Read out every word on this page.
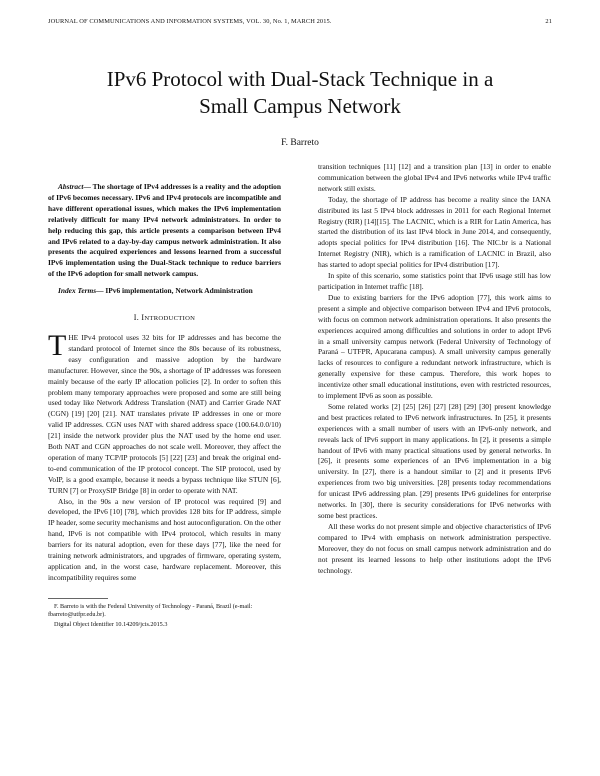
JOURNAL OF COMMUNICATIONS AND INFORMATION SYSTEMS, VOL. 30, No. 1, MARCH 2015.	21
IPv6 Protocol with Dual-Stack Technique in a
Small Campus Network
F. Barreto

Abstract— The shortage of IPv4 addresses is a reality and the adoption of IPv6 becomes necessary. IPv6 and IPv4 protocols are incompatible and have different operational issues, which makes the IPv6 implementation relatively difficult for many IPv4 network administrators. In order to help reducing this gap, this article presents a comparison between IPv4 and IPv6 related to a day-by-day campus network administration. It also presents the acquired experiences and lessons learned from a successful IPv6 implementation using the Dual-Stack technique to reduce barriers of the IPv6 adoption for small network campus.

Index Terms— IPv6 implementation, Network Administration

I. INTRODUCTION

THE IPv4 protocol uses 32 bits for IP addresses and has become the standard protocol of Internet since the 80s because of its robustness, easy configuration and massive adoption by the hardware manufacturer. However, since the 90s, a shortage of IP addresses was foreseen mainly because of the early IP allocation policies [2]. In order to soften this problem many temporary approaches were proposed and some are still being used today like Network Address Translation (NAT) and Carrier Grade NAT (CGN) [19] [20] [21]. NAT translates private IP addresses in one or more valid IP addresses. CGN uses NAT with shared address space (100.64.0.0/10) [21] inside the network provider plus the NAT used by the home end user. Both NAT and CGN approaches do not scale well. Moreover, they affect the operation of many TCP/IP protocols [5] [22] [23] and break the original end-to-end communication of the IP protocol concept. The SIP protocol, used by VoIP, is a good example, because it needs a bypass technique like STUN [6], TURN [7] or ProxySIP Bridge [8] in order to operate with NAT.

Also, in the 90s a new version of IP protocol was required [9] and developed, the IPv6 [10] [78], which provides 128 bits for IP address, simple IP header, some security mechanisms and host autoconfiguration. On the other hand, IPv6 is not compatible with IPv4 protocol, which results in many barriers for its natural adoption, even for these days [77], like the need for training network administrators, and upgrades of firmware, operating system, application and, in the worst case, hardware replacement. Moreover, this incompatibility requires some

F. Barreto is with the Federal University of Technology - Paraná, Brazil (e-mail: fbarreto@utfpr.edu.br).

Digital Object Identifier 10.14209/jcis.2015.3

transition techniques [11] [12] and a transition plan [13] in order to enable communication between the global IPv4 and IPv6 networks while IPv4 traffic network still exists.

Today, the shortage of IP address has become a reality since the IANA distributed its last 5 IPv4 block addresses in 2011 for each Regional Internet Registry (RIR) [14][15]. The LACNIC, which is a RIR for Latin America, has started the distribution of its last IPv4 block in June 2014, and consequently, adopts special politics for IPv4 distribution [16]. The NIC.br is a National Internet Registry (NIR), which is a ramification of LACNIC in Brazil, also has started to adopt special politics for IPv4 distribution [17].

In spite of this scenario, some statistics point that IPv6 usage still has low participation in Internet traffic [18].

Due to existing barriers for the IPv6 adoption [77], this work aims to present a simple and objective comparison between IPv4 and IPv6 protocols, with focus on common network administration operations. It also presents the experiences acquired among difficulties and solutions in order to adopt IPv6 in a small university campus network (Federal University of Technology of Paraná – UTFPR, Apucarana campus). A small university campus generally lacks of resources to configure a redundant network infrastructure, which is generally expensive for these campus. Therefore, this work hopes to incentivize other small educational institutions, even with restricted resources, to implement IPv6 as soon as possible.

Some related works [2] [25] [26] [27] [28] [29] [30] present knowledge and best practices related to IPv6 network infrastructures. In [25], it presents experiences with a small number of users with an IPv6-only network, and reveals lack of IPv6 support in many applications. In [2], it presents a simple handout of IPv6 with many practical situations used by general networks. In [26], it presents some experiences of an IPv6 implementation in a big university. In [27], there is a handout similar to [2] and it presents IPv6 experiences from two big universities. [28] presents today recommendations for unicast IPv6 addressing plan. [29] presents IPv6 guidelines for enterprise networks. In [30], there is security considerations for IPv6 networks with some best practices.

All these works do not present simple and objective characteristics of IPv6 compared to IPv4 with emphasis on network administration perspective. Moreover, they do not focus on small campus network administration and do not present its learned lessons to help other institutions adopt the IPv6 technology.
